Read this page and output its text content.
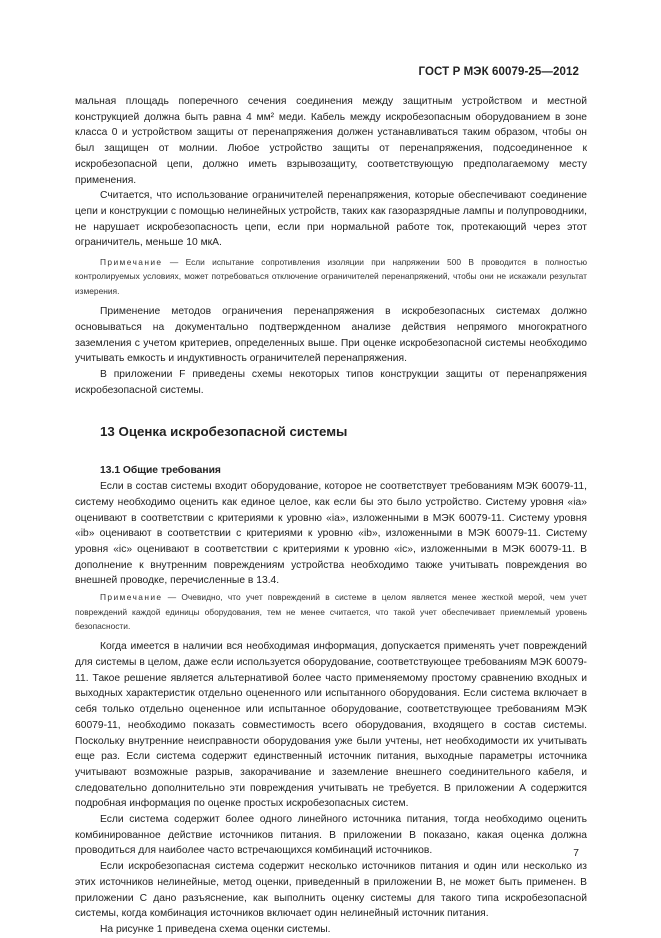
ГОСТ Р МЭК 60079-25—2012

мальная площадь поперечного сечения соединения между защитным устройством и местной конструкцией должна быть равна 4 мм² меди. Кабель между искробезопасным оборудованием в зоне класса 0 и устройством защиты от перенапряжения должен устанавливаться таким образом, чтобы он был защищен от молнии. Любое устройство защиты от перенапряжения, подсоединенное к искробезопасной цепи, должно иметь взрывозащиту, соответствующую предполагаемому месту применения.

Считается, что использование ограничителей перенапряжения, которые обеспечивают соединение цепи и конструкции с помощью нелинейных устройств, таких как газоразрядные лампы и полупроводники, не нарушает искробезопасность цепи, если при нормальной работе ток, протекающий через этот ограничитель, меньше 10 мкА.

Примечание — Если испытание сопротивления изоляции при напряжении 500 В проводится в полностью контролируемых условиях, может потребоваться отключение ограничителей перенапряжений, чтобы они не искажали результат измерения.

Применение методов ограничения перенапряжения в искробезопасных системах должно основываться на документально подтвержденном анализе действия непрямого многократного заземления с учетом критериев, определенных выше. При оценке искробезопасной системы необходимо учитывать емкость и индуктивность ограничителей перенапряжения.

В приложении F приведены схемы некоторых типов конструкции защиты от перенапряжения искробезопасной системы.

13 Оценка искробезопасной системы

13.1 Общие требования

Если в состав системы входит оборудование, которое не соответствует требованиям МЭК 60079-11, систему необходимо оценить как единое целое, как если бы это было устройство. Систему уровня «ia» оценивают в соответствии с критериями к уровню «ia», изложенными в МЭК 60079-11. Систему уровня «ib» оценивают в соответствии с критериями к уровню «ib», изложенными в МЭК 60079-11. Систему уровня «ic» оценивают в соответствии с критериями к уровню «ic», изложенными в МЭК 60079-11. В дополнение к внутренним повреждениям устройства необходимо также учитывать повреждения во внешней проводке, перечисленные в 13.4.

Примечание — Очевидно, что учет повреждений в системе в целом является менее жесткой мерой, чем учет повреждений каждой единицы оборудования, тем не менее считается, что такой учет обеспечивает приемлемый уровень безопасности.

Когда имеется в наличии вся необходимая информация, допускается применять учет повреждений для системы в целом, даже если используется оборудование, соответствующее требованиям МЭК 60079-11. Такое решение является альтернативой более часто применяемому простому сравнению входных и выходных характеристик отдельно оцененного или испытанного оборудования. Если система включает в себя только отдельно оцененное или испытанное оборудование, соответствующее требованиям МЭК 60079-11, необходимо показать совместимость всего оборудования, входящего в состав системы. Поскольку внутренние неисправности оборудования уже были учтены, нет необходимости их учитывать еще раз. Если система содержит единственный источник питания, выходные параметры источника учитывают возможные разрыв, закорачивание и заземление внешнего соединительного кабеля, и следовательно дополнительно эти повреждения учитывать не требуется. В приложении А содержится подробная информация по оценке простых искробезопасных систем.

Если система содержит более одного линейного источника питания, тогда необходимо оценить комбинированное действие источников питания. В приложении В показано, какая оценка должна проводиться для наиболее часто встречающихся комбинаций источников.

Если искробезопасная система содержит несколько источников питания и один или несколько из этих источников нелинейные, метод оценки, приведенный в приложении В, не может быть применен. В приложении С дано разъяснение, как выполнить оценку системы для такого типа искробезопасной системы, когда комбинация источников включает один нелинейный источник питания.

На рисунке 1 приведена схема оценки системы.

7
